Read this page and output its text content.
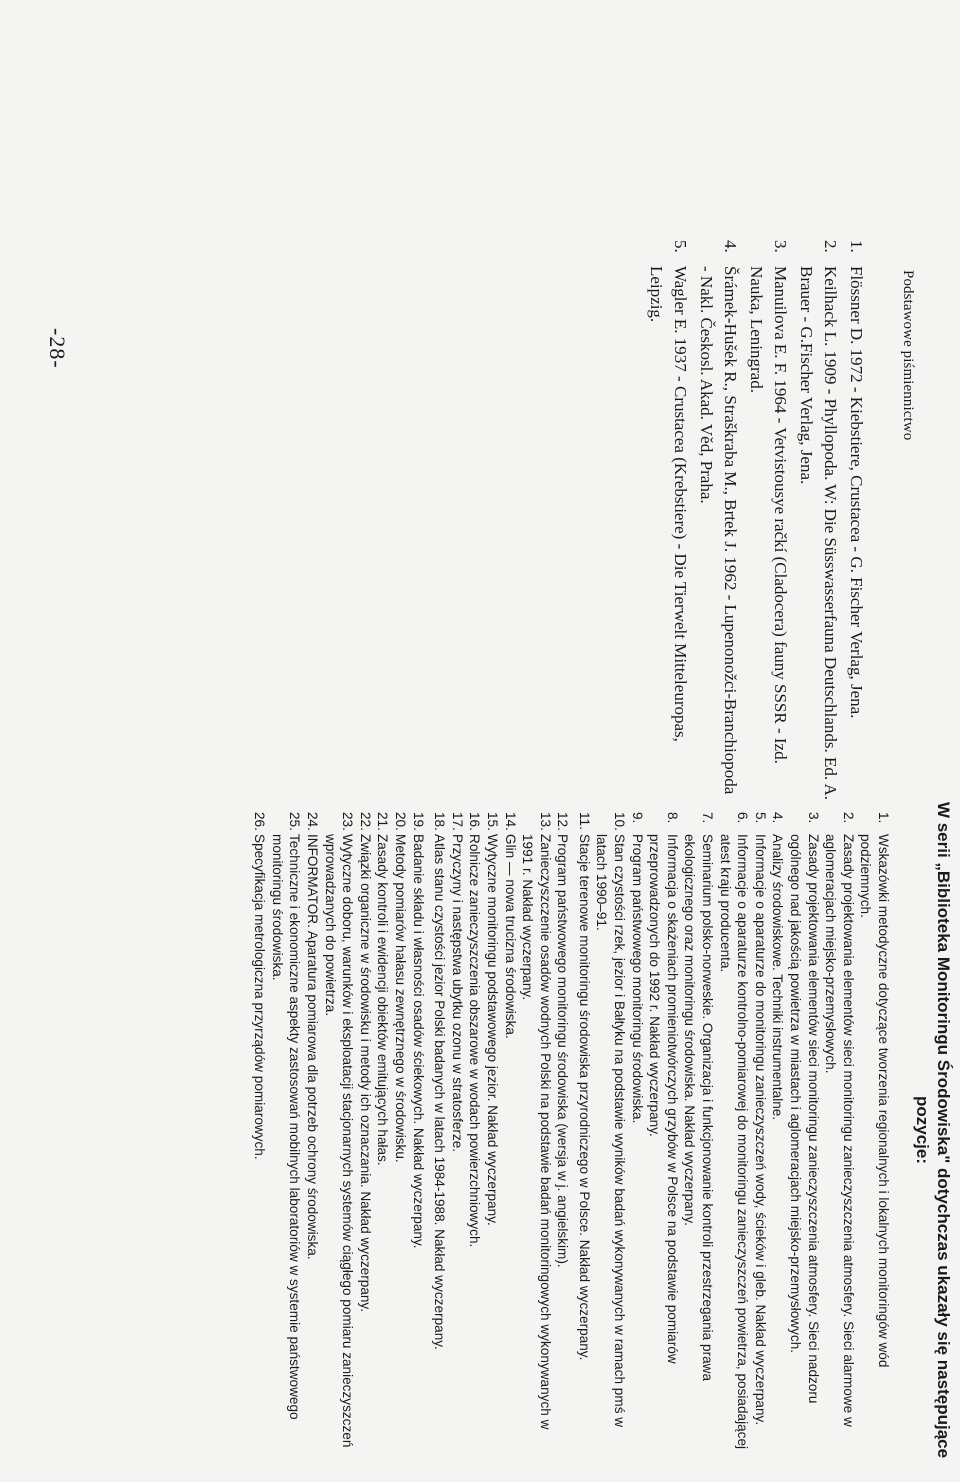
Podstawowe piśmiennictwo
1.
Flössner D. 1972 - Kiebstiere, Crustacea - G. Fischer Verlag, Jena.
2.
Keilhack L. 1909 - Phyllopoda. W: Die Süsswasserfauna Deutschlands. Ed. A. Brauer - G.Fischer Verlag, Jena.
3.
Manuilova E. F. 1964 - Vetvistousye račkí (Cladocera) fauny SSSR - Izd. Nauka, Leningrad.
4.
Šrámek-Hušek R., Straškraba M., Brtek J. 1962 - Lupenonožci-Branchiopoda - Nakl. Českosl. Akad. Věd, Praha.
5.
Wagler E. 1937 - Crustacea (Krebstiere) - Die Tierwelt Mitteleuropas, Leipzig.
-28-
W serii „Biblioteka Monitoringu Środowiska" dotychczas ukazały się następujące pozycje:
1.
Wskazówki metodyczne dotyczące tworzenia regionalnych i lokalnych monitoringów wód podziemnych.
2.
Zasady projektowania elementów sieci monitoringu zanieczyszczenia atmosfery. Sieci alarmowe w aglomeracjach miejsko-przemysłowych.
3.
Zasady projektowania elementów sieci monitoringu zanieczyszczenia atmosfery. Sieci nadzoru ogólnego nad jakością powietrza w miastach i aglomeracjach miejsko-przemysłowych.
4.
Analizy środowiskowe. Techniki instrumentalne.
5.
Informacje o aparaturze do monitoringu zanieczyszczeń wody, ścieków i gleb. Nakład wyczerpany.
6.
Informacje o aparaturze kontrolno-pomiarowej do monitoringu zanieczyszczeń powietrza, posiadającej atest kraju producenta.
7.
Seminarium polsko-norweskie. Organizacja i funkcjonowanie kontroli przestrzegania prawa ekologicznego oraz monitoringu środowiska. Nakład wyczerpany.
8.
Informacja o skażeniach promieniotwórczych grzybów w Polsce na podstawie pomiarów przeprowadzonych do 1992 r. Nakład wyczerpany.
9.
Program państwowego monitoringu środowiska.
10.
Stan czystości rzek, jezior i Bałtyku na podstawie wyników badań wykonywanych w ramach pmś w latach 1990–91.
11.
Stacje terenowe monitoringu środowiska przyrodniczego w Polsce. Nakład wyczerpany.
12.
Program państwowego monitoringu środowiska (wersja w j. angielskim).
13.
Zanieczyszczenie osadów wodnych Polski na podstawie badań monitoringowych wykonywanych w 1991 r. Nakład wyczerpany.
14.
Glin — nowa trucizna środowiska.
15.
Wytyczne monitoringu podstawowego jezior. Nakład wyczerpany.
16.
Rolnicze zanieczyszczenia obszarowe w wodach powierzchniowych.
17.
Przyczyny i następstwa ubytku ozonu w stratosferze.
18.
Atlas stanu czystości jezior Polski badanych w latach 1984-1988. Nakład wyczerpany.
19.
Badanie składu i własności osadów ściekowych. Nakład wyczerpany.
20.
Metody pomiarów hałasu zewnętrznego w środowisku.
21.
Zasady kontroli i ewidencji obiektów emitujących hałas.
22.
Związki organiczne w środowisku i metody ich oznaczania. Nakład wyczerpany.
23.
Wytyczne doboru, warunków i eksploatacji stacjonarnych systemów ciągłego pomiaru zanieczyszczeń wprowadzanych do powietrza.
24.
INFORMATOR. Aparatura pomiarowa dla potrzeb ochrony środowiska.
25.
Techniczne i ekonomiczne aspekty zastosowań mobilnych laboratoriów w systemie państwowego monitoringu środowiska.
26.
Specyfikacja metrologiczna przyrządów pomiarowych.
